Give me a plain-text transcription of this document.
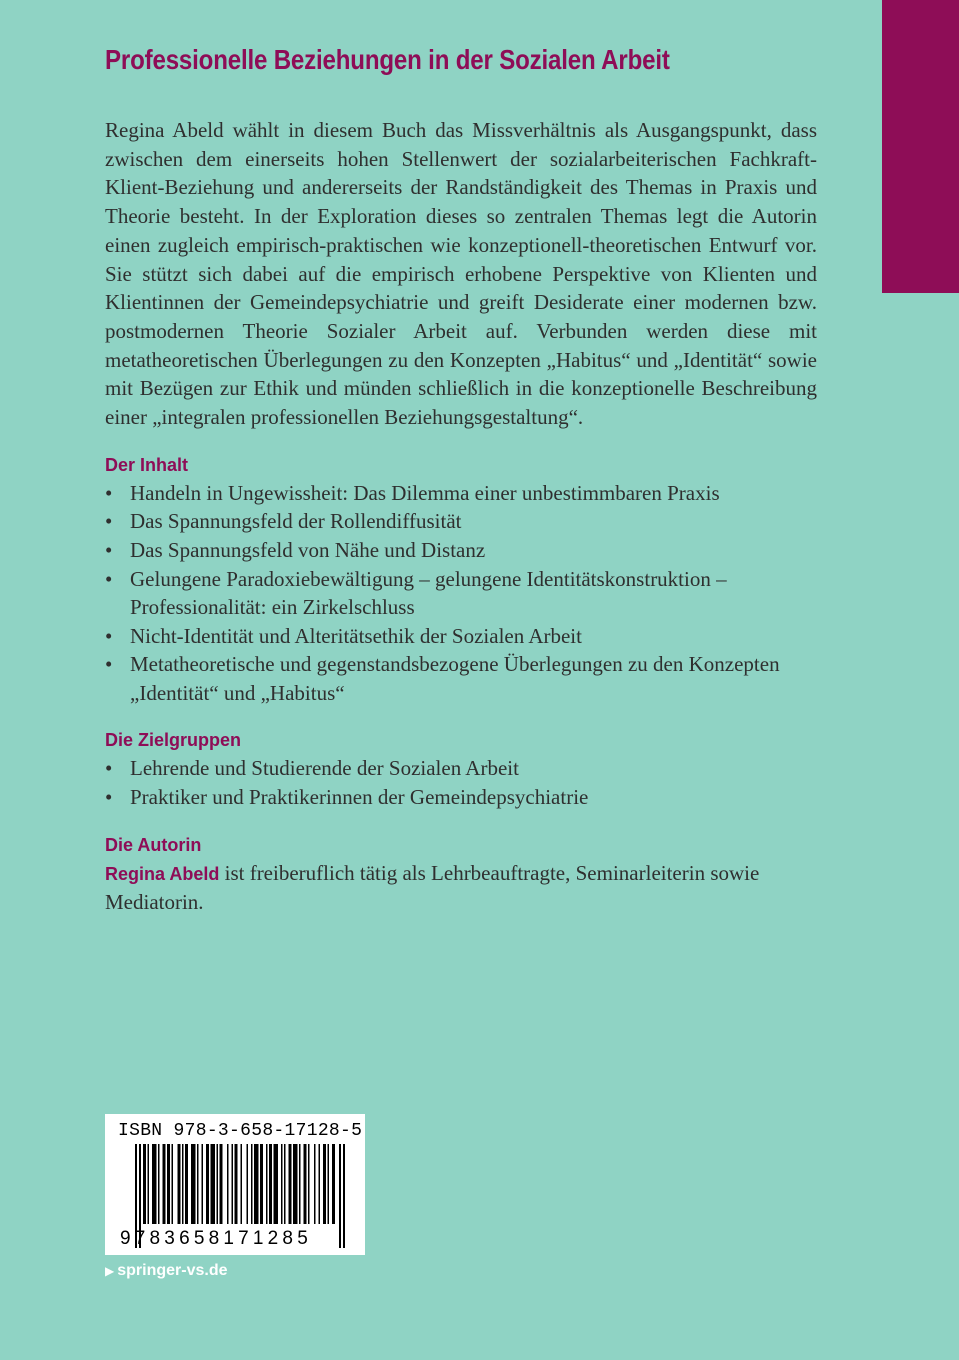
Professionelle Beziehungen in der Sozialen Arbeit

Regina Abeld wählt in diesem Buch das Missverhältnis als Ausgangspunkt, dass zwischen dem einerseits hohen Stellenwert der sozialarbeiterischen Fachkraft-Klient-Beziehung und andererseits der Randständigkeit des Themas in Praxis und Theorie besteht. In der Exploration dieses so zentralen Themas legt die Autorin einen zugleich empirisch-praktischen wie konzeptionell-theoretischen Entwurf vor. Sie stützt sich dabei auf die empirisch erhobene Perspektive von Klienten und Klientinnen der Gemeindepsychiatrie und greift Desiderate einer modernen bzw. postmodernen Theorie Sozialer Arbeit auf. Verbunden werden diese mit metatheoretischen Überlegungen zu den Konzepten „Habitus“ und „Identität“ sowie mit Bezügen zur Ethik und münden schließlich in die konzeptionelle Beschreibung einer „integralen professionellen Beziehungsgestaltung“.

Der Inhalt
• Handeln in Ungewissheit: Das Dilemma einer unbestimmbaren Praxis
• Das Spannungsfeld der Rollendiffusität
• Das Spannungsfeld von Nähe und Distanz
• Gelungene Paradoxiebewältigung – gelungene Identitätskonstruktion – Professionalität: ein Zirkelschluss
• Nicht-Identität und Alteritätsethik der Sozialen Arbeit
• Metatheoretische und gegenstandsbezogene Überlegungen zu den Konzepten „Identität“ und „Habitus“
Die Zielgruppen
• Lehrende und Studierende der Sozialen Arbeit
• Praktiker und Praktikerinnen der Gemeindepsychiatrie
Die Autorin

Regina Abeld ist freiberuflich tätig als Lehrbeauftragte, Seminarleiterin sowie Mediatorin.

ISBN 978-3-658-17128-5
9783658171285
▶ springer-vs.de
